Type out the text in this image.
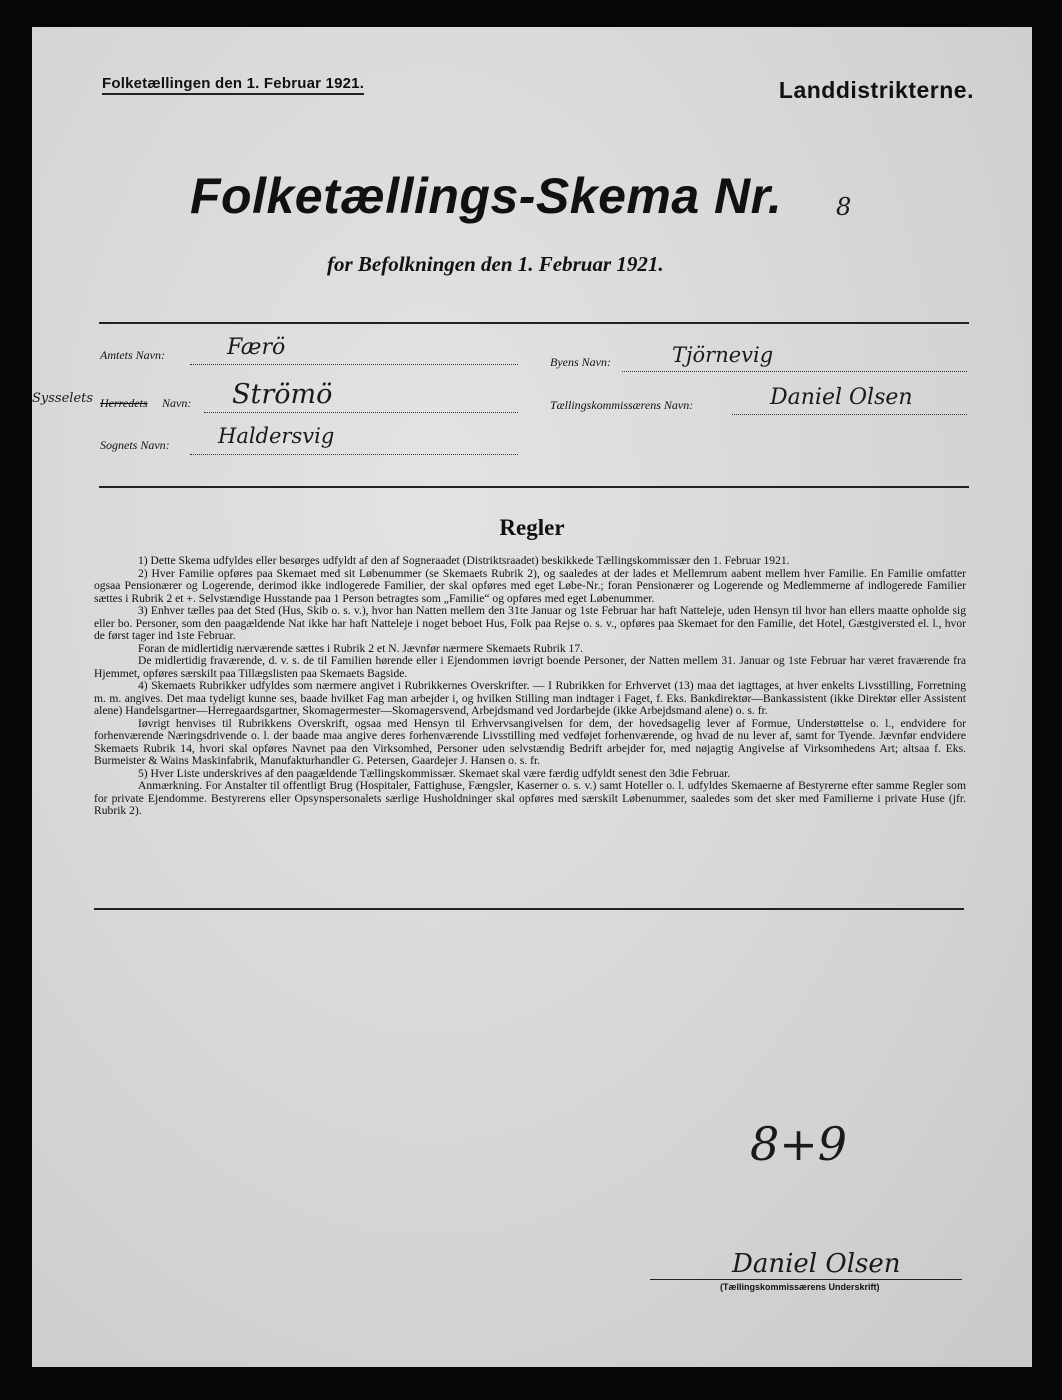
Folketællingen den 1. Februar 1921.	Landdistrikterne.
Folketællings-Skema Nr. 8
for Befolkningen den 1. Februar 1921.
Amtets Navn:	Færö
Sysselets Herredets Navn: Strömö
Sognets Navn: Haldersvig
Byens Navn:	Tjörnevig
Tællingskommissærens Navn:	Daniel Olsen
Regler

1) Dette Skema udfyldes eller besørges udfyldt af den af Sogneraadet (Distriktsraadet) beskikkede Tællingskommissær den 1. Februar 1921.

2) Hver Familie opføres paa Skemaet med sit Løbenummer (se Skemaets Rubrik 2), og saaledes at der lades et Mellemrum aabent mellem hver Familie. En Familie omfatter ogsaa Pensionærer og Logerende, derimod ikke indlogerede Familier, der skal opføres med eget Løbe-Nr.; foran Pensionærer og Logerende og Medlemmerne af indlogerede Familier sættes i Rubrik 2 et +. Selvstændige Husstande paa 1 Person betragtes som „Familie“ og opføres med eget Løbenummer.

3) Enhver tælles paa det Sted (Hus, Skib o. s. v.), hvor han Natten mellem den 31te Januar og 1ste Februar har haft Natteleje, uden Hensyn til hvor han ellers maatte opholde sig eller bo. Personer, som den paagældende Nat ikke har haft Natteleje i noget beboet Hus, Folk paa Rejse o. s. v., opføres paa Skemaet for den Familie, det Hotel, Gæstgiversted el. l., hvor de først tager ind 1ste Februar.

Foran de midlertidig nærværende sættes i Rubrik 2 et N. Jævnfør nærmere Skemaets Rubrik 17.

De midlertidig fraværende, d. v. s. de til Familien hørende eller i Ejendommen iøvrigt boende Personer, der Natten mellem 31. Januar og 1ste Februar har været fraværende fra Hjemmet, opføres særskilt paa Tillægslisten paa Skemaets Bagside.

4) Skemaets Rubrikker udfyldes som nærmere angivet i Rubrikkernes Overskrifter. — I Rubrikken for Erhvervet (13) maa det iagttages, at hver enkelts Livsstilling, Forretning m. m. angives. Det maa tydeligt kunne ses, baade hvilket Fag man arbejder i, og hvilken Stilling man indtager i Faget, f. Eks. Bankdirektør—Bankassistent (ikke Direktør eller Assistent alene) Handelsgartner—Herregaardsgartner, Skomagermester—Skomagersvend, Arbejdsmand ved Jordarbejde (ikke Arbejdsmand alene) o. s. fr.

Iøvrigt henvises til Rubrikkens Overskrift, ogsaa med Hensyn til Erhvervsangivelsen for dem, der hovedsagelig lever af Formue, Understøttelse o. l., endvidere for forhenværende Næringsdrivende o. l. der baade maa angive deres forhenværende Livsstilling med vedføjet forhenværende, og hvad de nu lever af, samt for Tyende. Jævnfør endvidere Skemaets Rubrik 14, hvori skal opføres Navnet paa den Virksomhed, Personer uden selvstændig Bedrift arbejder for, med nøjagtig Angivelse af Virksomhedens Art; altsaa f. Eks. Burmeister & Wains Maskinfabrik, Manufakturhandler G. Petersen, Gaardejer J. Hansen o. s. fr.

5) Hver Liste underskrives af den paagældende Tællingskommissær. Skemaet skal være færdig udfyldt senest den 3die Februar.

Anmærkning. For Anstalter til offentligt Brug (Hospitaler, Fattighuse, Fængsler, Kaserner o. s. v.) samt Hoteller o. l. udfyldes Skemaerne af Bestyrerne efter samme Regler som for private Ejendomme. Bestyrerens eller Opsynspersonalets særlige Husholdninger skal opføres med særskilt Løbenummer, saaledes som det sker med Familierne i private Huse (jfr. Rubrik 2).

8+9
Daniel Olsen
(Tællingskommissærens Underskrift)
